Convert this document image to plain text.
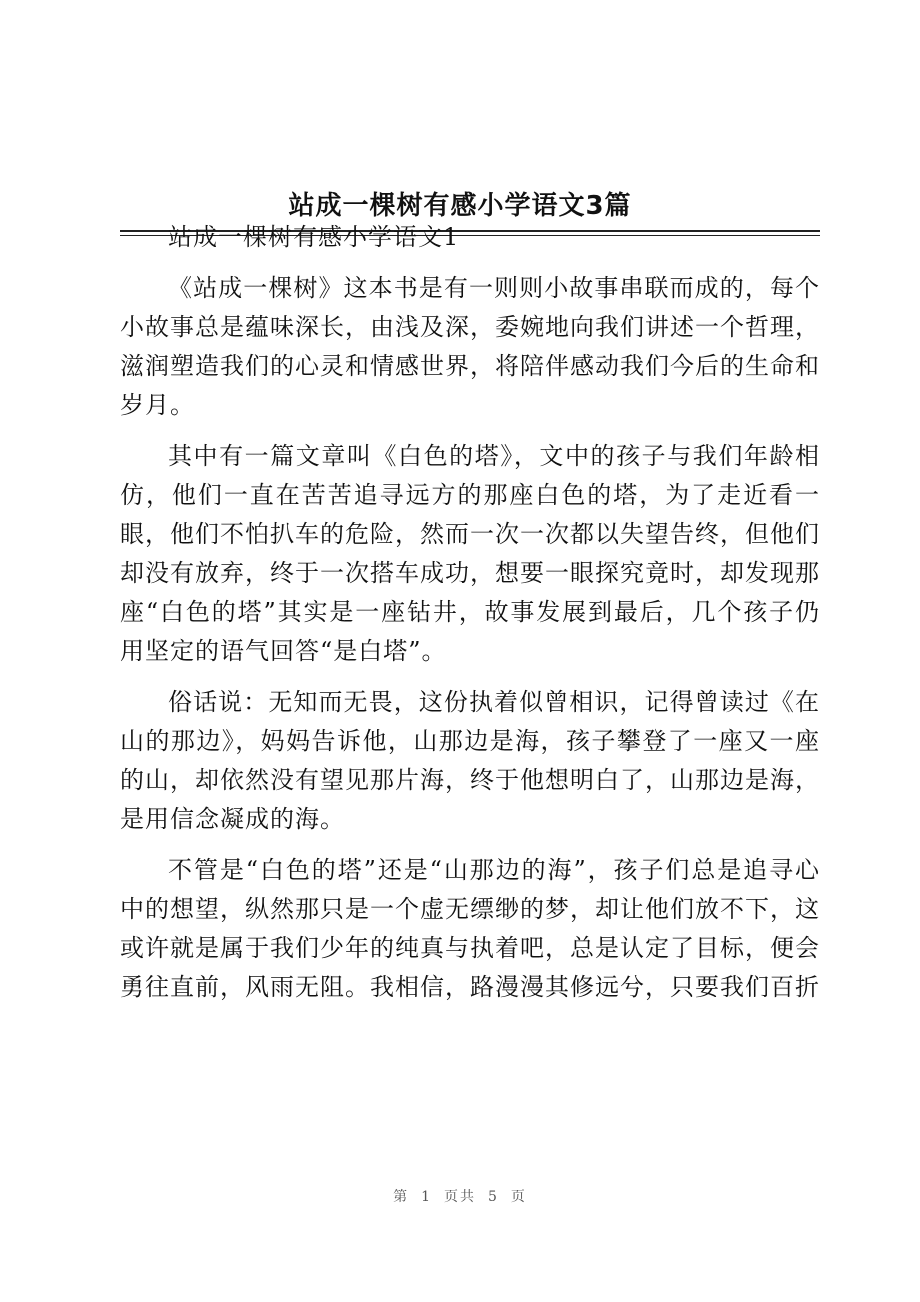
站成一棵树有感小学语文3篇

站成一棵树有感小学语文1

《站成一棵树》这本书是有一则则小故事串联而成的，每个小故事总是蕴味深长，由浅及深，委婉地向我们讲述一个哲理，滋润塑造我们的心灵和情感世界，将陪伴感动我们今后的生命和岁月。

其中有一篇文章叫《白色的塔》，文中的孩子与我们年龄相仿，他们一直在苦苦追寻远方的那座白色的塔，为了走近看一眼，他们不怕扒车的危险，然而一次一次都以失望告终，但他们却没有放弃，终于一次搭车成功，想要一眼探究竟时，却发现那座“白色的塔”其实是一座钻井，故事发展到最后，几个孩子仍用坚定的语气回答“是白塔”。

俗话说：无知而无畏，这份执着似曾相识，记得曾读过《在山的那边》，妈妈告诉他，山那边是海，孩子攀登了一座又一座的山，却依然没有望见那片海，终于他想明白了，山那边是海，是用信念凝成的海。

不管是“白色的塔”还是“山那边的海”，孩子们总是追寻心中的想望，纵然那只是一个虚无缥缈的梦，却让他们放不下，这或许就是属于我们少年的纯真与执着吧，总是认定了目标，便会勇往直前，风雨无阻。我相信，路漫漫其修远兮，只要我们百折

第 1 页共 5 页
